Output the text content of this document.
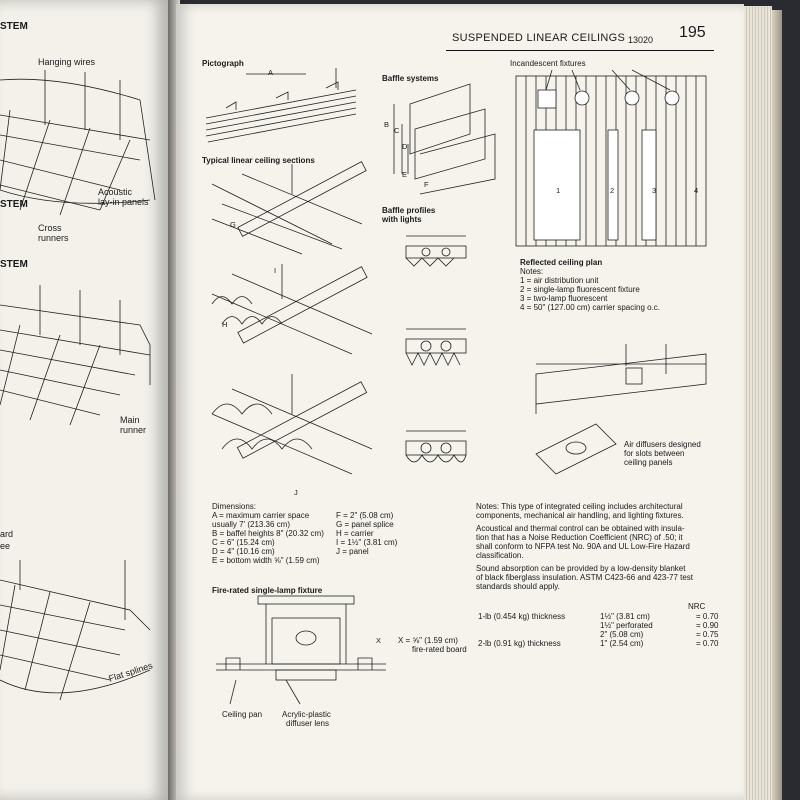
STEM
Hanging wires
Acoustic
lay-in panels
STEM
Cross
runners
STEM
Main
runner
ard
ee
Flat splines
SUSPENDED LINEAR CEILINGS 13020 195
Pictograph
A
Typical linear ceiling sections
G
H
I
J
Baffle systems
B
C
D
E
F
Baffle profiles
with lights
Incandescent fixtures
1	2	3	4
Reflected ceiling plan
Notes:
1 = air distribution unit
2 = single-lamp fluorescent fixture
3 = two-lamp fluorescent
4 = 50" (127.00 cm) carrier spacing o.c.
Air diffusers designed
for slots between
ceiling panels
Dimensions:
A = maximum carrier space
usually 7' (213.36 cm)
B = baffel heights 8" (20.32 cm)
C = 6" (15.24 cm)
D = 4" (10.16 cm)
E = bottom width ⅝" (1.59 cm)
F = 2" (5.08 cm)
G = panel splice
H = carrier
I = 1½" (3.81 cm)
J = panel
Notes: This type of integrated ceiling includes architectural
components, mechanical air handling, and lighting fixtures.
Acoustical and thermal control can be obtained with insula-
tion that has a Noise Reduction Coefficient (NRC) of .50; it
shall conform to NFPA test No. 90A and UL Low-Fire Hazard
classification.
Sound absorption can be provided by a low-density blanket
of black fiberglass insulation. ASTM C423-66 and 423-77 test
standards should apply.
NRC
1-lb (0.454 kg) thickness	1½" (3.81 cm)	= 0.70
	1½" perforated	= 0.90
	2" (5.08 cm)	= 0.75
2-lb (0.91 kg) thickness	1" (2.54 cm)	= 0.70
Fire-rated single-lamp fixture
X X = ⅝" (1.59 cm)
fire-rated board
Ceiling pan Acrylic-plastic
diffuser lens
